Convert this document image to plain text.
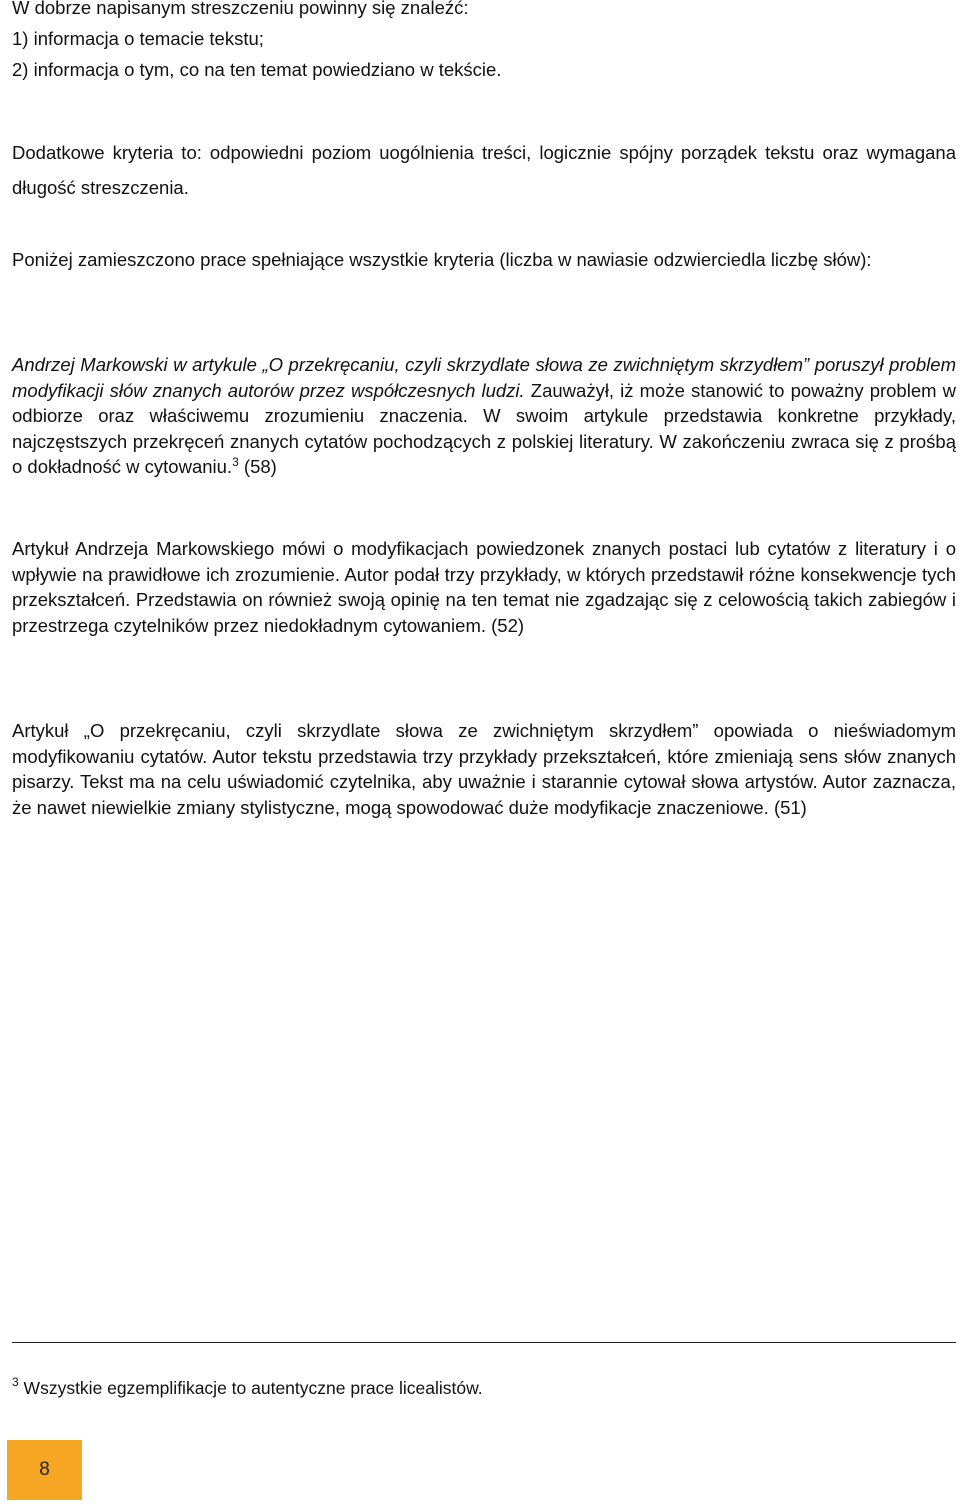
W dobrze napisanym streszczeniu powinny się znaleźć:

1) informacja o temacie tekstu;

2) informacja o tym, co na ten temat powiedziano w tekście.

Dodatkowe kryteria to: odpowiedni poziom uogólnienia treści, logicznie spójny porządek tekstu oraz wymagana długość streszczenia.

Poniżej zamieszczono prace spełniające wszystkie kryteria (liczba w nawiasie odzwierciedla liczbę słów):

Andrzej Markowski w artykule „O przekręcaniu, czyli skrzydlate słowa ze zwichniętym skrzydłem” poruszył problem modyfikacji słów znanych autorów przez współczesnych ludzi. Zauważył, iż może stanowić to poważny problem w odbiorze oraz właściwemu zrozumieniu znaczenia. W swoim artykule przedstawia konkretne przykłady, najczęstszych przekręceń znanych cytatów pochodzących z polskiej literatury. W zakończeniu zwraca się z prośbą o dokładność w cytowaniu.$^3$ (58)

Artykuł Andrzeja Markowskiego mówi o modyfikacjach powiedzonek znanych postaci lub cytatów z literatury i o wpływie na prawidłowe ich zrozumienie. Autor podał trzy przykłady, w których przedstawił różne konsekwencje tych przekształceń. Przedstawia on również swoją opinię na ten temat nie zgadzając się z celowością takich zabiegów i przestrzega czytelników przez niedokładnym cytowaniem. (52)

Artykuł „O przekręcaniu, czyli skrzydlate słowa ze zwichniętym skrzydłem” opowiada o nieświadomym modyfikowaniu cytatów. Autor tekstu przedstawia trzy przykłady przekształceń, które zmieniają sens słów znanych pisarzy. Tekst ma na celu uświadomić czytelnika, aby uważnie i starannie cytował słowa artystów. Autor zaznacza, że nawet niewielkie zmiany stylistyczne, mogą spowodować duże modyfikacje znaczeniowe. (51)

$^3$ Wszystkie egzemplifikacje to autentyczne prace licealistów.

8
